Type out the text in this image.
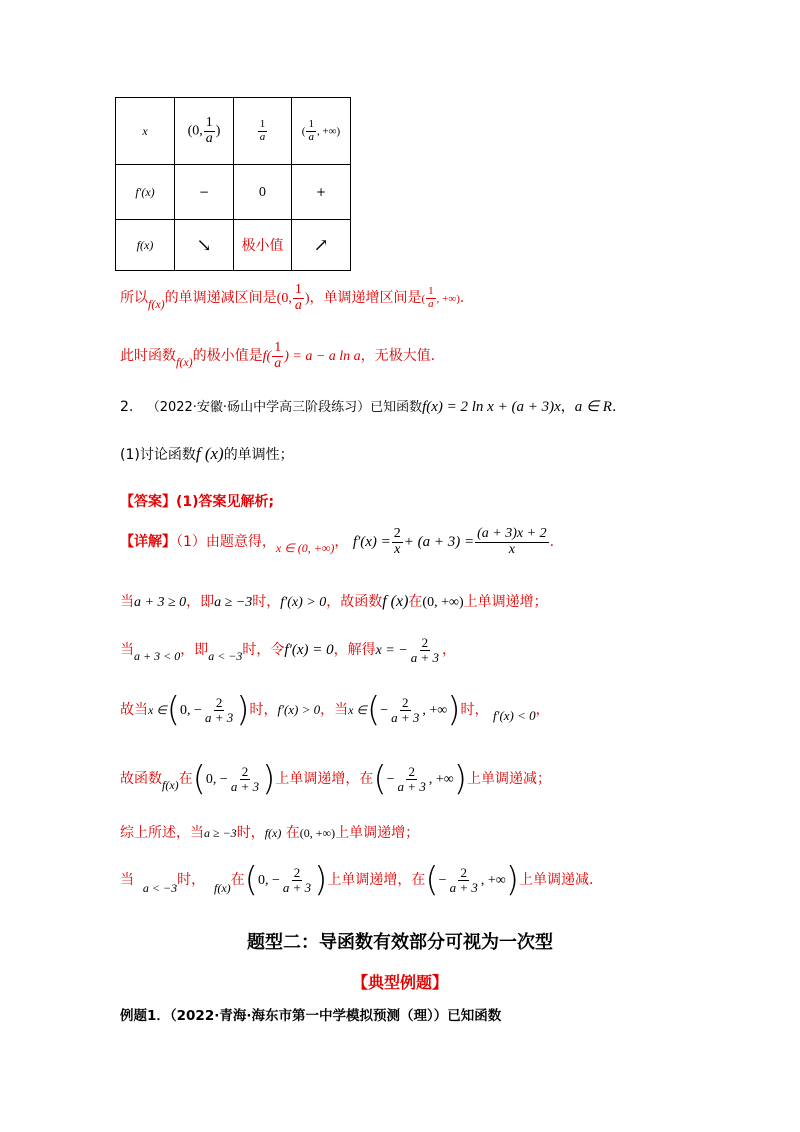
x	(0, $\frac{1}{a}$ )	$\frac{1}{a}$	( $\frac{1}{a}$ , +∞)
f′(x)	−	0	+
f(x)	↘	极小值	↗
所以f(x)的单调递减区间是(0, $\frac{1}{a}$ )，单调递增区间是( $\frac{1}{a}$ , +∞).
此时函数f(x)的极小值是$f( \frac{1}{a}$ ) = a − a ln a，无极大值.
2. （2022·安徽·砀山中学高三阶段练习）已知函数f(x) = 2 ln x + (a + 3)x，a ∈ R.
(1)讨论函数f (x)的单调性；
【答案】(1)答案见解析;
【详解】（1）由题意得，x ∈ (0, +∞)， $f'(x) = \frac{2}{x} + (a + 3) = \frac{(a + 3)x + 2}{x}$ .
当a + 3 ≥ 0，即a ≥ −3时，f′(x) > 0，故函数f (x)在(0, +∞)上单调递增；
当a + 3 < 0，即a < −3时，令f′(x) = 0，解得x = − $\frac{2}{a + 3}$ ，
故当x ∈(0, − $\frac{2}{a + 3}$ )时，f′(x) > 0，当x ∈(− $\frac{2}{a + 3}$ , +∞)时， f′(x) < 0，
故函数f(x)在(0, − $\frac{2}{a + 3}$ )上单调递增，在(− $\frac{2}{a + 3}$ , +∞)上单调递减；
综上所述，当a ≥ −3时，f(x) 在(0, +∞)上单调递增；
当 a < −3时， f(x)在(0, − $\frac{2}{a + 3}$ )上单调递增，在(− $\frac{2}{a + 3}$ , +∞)上单调递减.
题型二：导函数有效部分可视为一次型
【典型例题】
例题1．（2022·青海·海东市第一中学模拟预测（理））已知函数
